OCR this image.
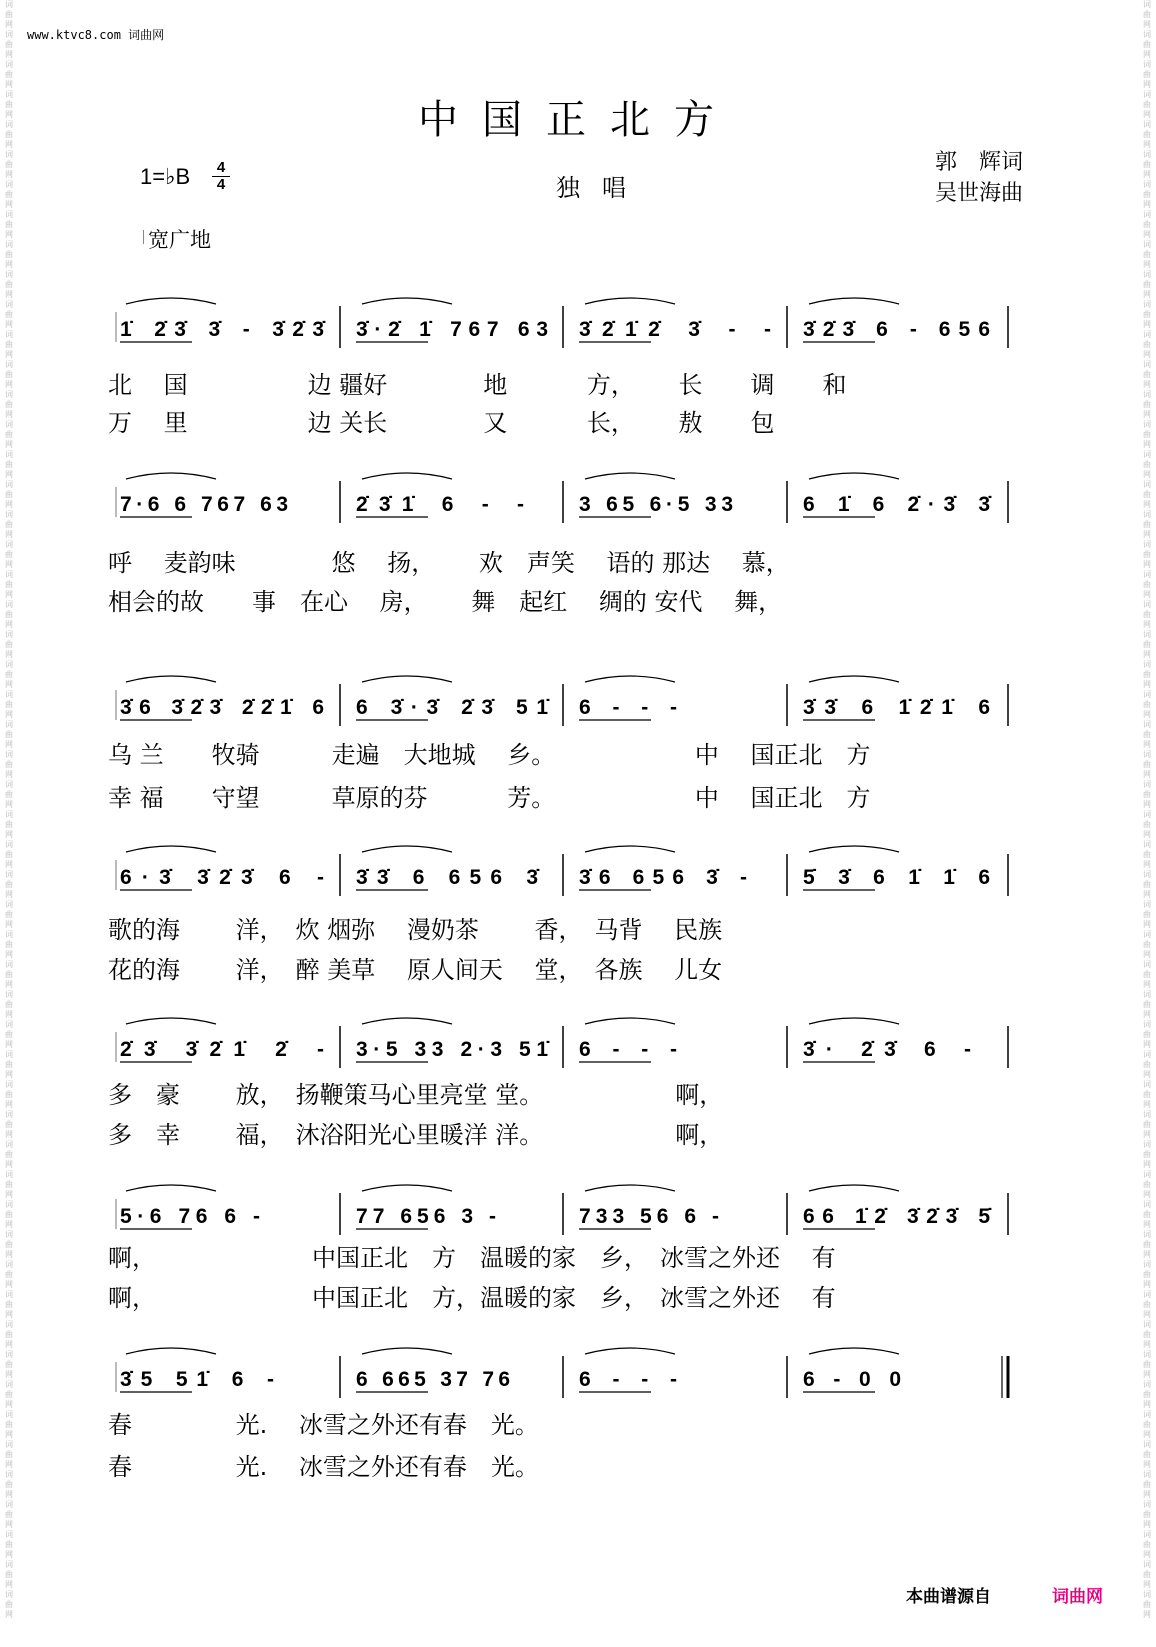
词
曲
网
词
曲
网
词
曲
网
词
曲
网
词
曲
网
词
曲
网
词
曲
网
词
曲
网
词
曲
网
词
曲
网
词
曲
网
词
曲
网
词
曲
网
词
曲
网
词
曲
网
词
曲
网
词
曲
网
词
曲
网
词
曲
网
词
曲
网
词
曲
网
词
曲
网
词
曲
网
词
曲
网
词
曲
网
词
曲
网
词
曲
网
词
曲
网
词
曲
网
词
曲
网
词
曲
网
词
曲
网
词
曲
网
词
曲
网
词
曲
网
词
曲
网
词
曲
网
词
曲
网
词
曲
网
词
曲
网
词
曲
网
词
曲
网
词
曲
网
词
曲
网
词
曲
网
词
曲
网
词
曲
网
词
曲
网
词
曲
网
词
曲
网
词
曲
网
词
曲
网
词
曲
网
词
曲
网
词
曲
网
词
曲
网
词
曲
网
词
曲
网
词
曲
网
词
曲
网
词
曲
网
词
曲
网
词
曲
网
词
曲
网
词
曲
网
词
曲
网
词
曲
网
词
曲
网
词
曲
网
词
曲
网
词
曲
网
词
曲
网
词
曲
网
词
曲
网
词
曲
网
词
曲
网
词
曲
网
词
曲
网
词
曲
网
词
曲
网
词
曲
网
词
曲
网
词
曲
网
词
曲
网
词
曲
网
词
曲
网
词
曲
网
词
曲
网
词
曲
网
词
曲
网
词
曲
网
词
曲
网
词
曲
网
词
曲
网
词
曲
网
词
曲
网
词
曲
网
词
曲
网
词
曲
网
词
曲
网
词
曲
网
词
曲
网
词
曲
网
词
曲
网
词
曲
网
词
曲
网
词
曲
网
词
曲
网
www.ktvc8.com 词曲网
中国正北方
1=♭B	4
4	独唱
郭　辉词
吴世海曲
宽广地
1̇ 2̇3̇ 3̇ - 3̇2̇3̇ 3̇·2̇ 1̇ 767 63 3̇2̇1̇2̇ 3̇ - - 3̇2̇3̇ 6 - 656
北　 国　　　　　边 疆好　　　　地　　　 方，　　 长　　调　　和
万　 里　　　　　边 关长　　　　又　　　 长，　　 敖　　包
7·6 6 767 63	2̇3̇1̇ 6 - -	3 65 6·5 33	6 1̇ 6 2̇·3̇ 3̇
呼　 麦韵味　　　　悠　 扬，　　 欢　声笑　 语的 那达　 慕，
相会的故　　事　在心　 房，　　 舞　起红　 绸的 安代　 舞，
3̇6 3̇2̇3̇ 2̇2̇1̇ 6 6 3̇·3̇ 2̇3̇ 51̇ 6 - - -	3̇3̇ 6 1̇2̇1̇ 6
乌 兰　　牧骑　　　走遍　大地城　 乡。　　　　　　 中　 国正北　方
幸 福　　守望　　　草原的芬　　　 芳。　　　　　　 中　 国正北　方
6·3̇ 3̇2̇3̇ 6 - 3̇3̇ 6 656 3̇ 3̇6 656 3̇ -	5̇ 3̇ 6 1̇ 1̇ 6
歌的海　　 洋，　炊 烟弥　 漫奶茶　　 香，　马背　 民族
花的海　　 洋，　醉 美草　 原人间天　 堂，　各族　 儿女
2̇3̇ 3̇2̇1̇ 2̇ - 3·5 33 2·3 51̇ 6 - - -	3̇· 2̇3̇ 6 -
多　豪　　 放，　扬鞭策马心里亮堂 堂。　　　　　　啊，
多　幸　　 福，　沐浴阳光心里暖洋 洋。　　　　　　啊，
5·6 76 6 -	77 656 3 -	733 56 6 -	66 1̇2̇ 3̇2̇3̇ 5̇
啊，　　　　　　　中国正北　方　温暖的家　乡，　冰雪之外还　 有
啊，　　　　　　　中国正北　方，温暖的家　乡，　冰雪之外还　 有
3̇5 51̇ 6 -	6 665 37 76	6 - - -	6 - 0 0
春　　　　 光.　 冰雪之外还有春　光。
春　　　　 光.　 冰雪之外还有春　光。
本曲谱源自	词曲网
